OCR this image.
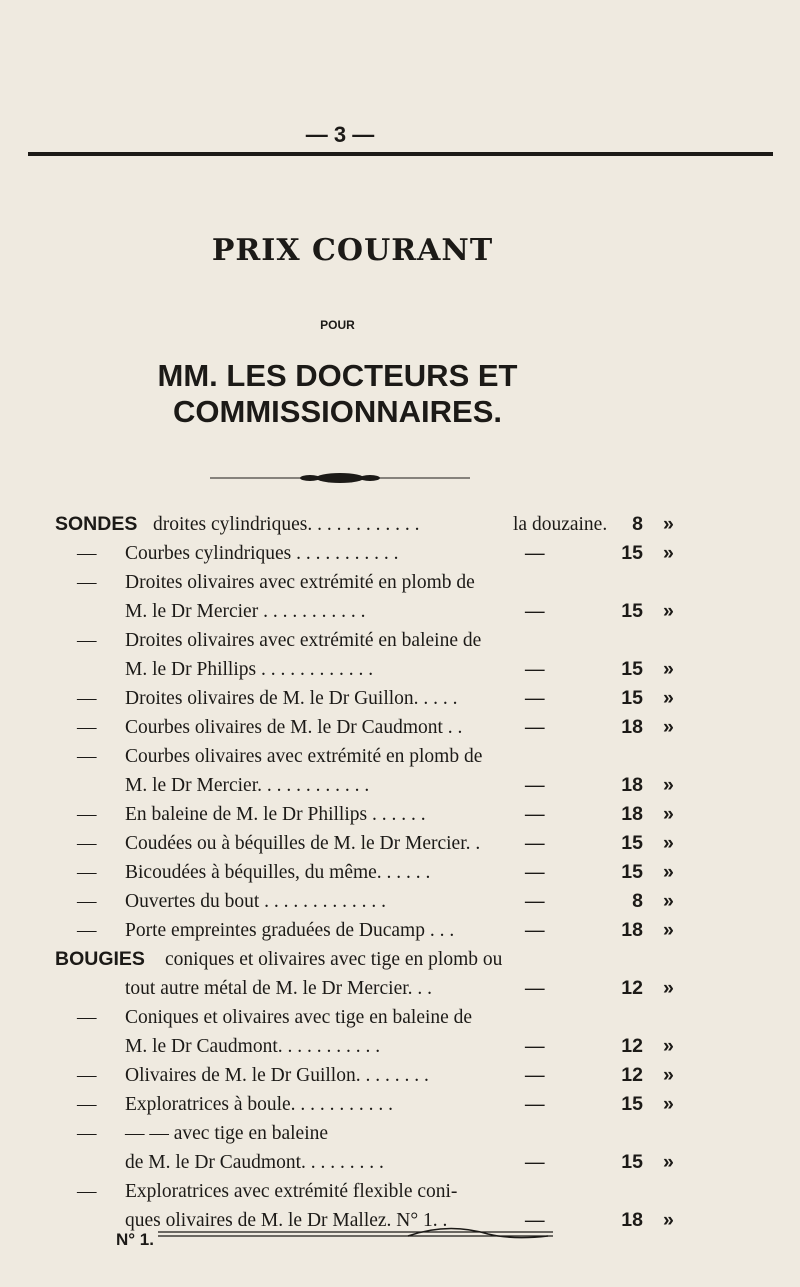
— 3 —
PRIX COURANT
POUR
MM. LES DOCTEURS ET COMMISSIONNAIRES.
SONDES droites cylindriques. . . . . . . . . . . .	la douzaine.	8 »
— Courbes cylindriques . . . . . . . . . . .	—	15 »
— Droites olivaires avec extrémité en plomb de
M. le Dr Mercier . . . . . . . . . . .	—	15 »
— Droites olivaires avec extrémité en baleine de
M. le Dr Phillips . . . . . . . . . . . .	—	15 »
— Droites olivaires de M. le Dr Guillon. . . . .	—	15 »
— Courbes olivaires de M. le Dr Caudmont . .	—	18 »
— Courbes olivaires avec extrémité en plomb de
M. le Dr Mercier. . . . . . . . . . . .	—	18 »
— En baleine de M. le Dr Phillips . . . . . .	—	18 »
— Coudées ou à béquilles de M. le Dr Mercier. . —	15 »
— Bicoudées à béquilles, du même. . . . . .	—	15 »
— Ouvertes du bout . . . . . . . . . . . . .	—	8 »
— Porte empreintes graduées de Ducamp . . .	—	18 »
BOUGIES coniques et olivaires avec tige en plomb ou
tout autre métal de M. le Dr Mercier. . .	—	12 »
— Coniques et olivaires avec tige en baleine de
M. le Dr Caudmont. . . . . . . . . . .	—	12 »
— Olivaires de M. le Dr Guillon. . . . . . . .	—	12 »
— Exploratrices à boule. . . . . . . . . . .	—	15 »
— — — avec tige en baleine
de M. le Dr Caudmont. . . . . . . . .	—	15 »
— Exploratrices avec extrémité flexible coni-
ques olivaires de M. le Dr Mallez. N° 1. .	—	18 »
N° 1.
